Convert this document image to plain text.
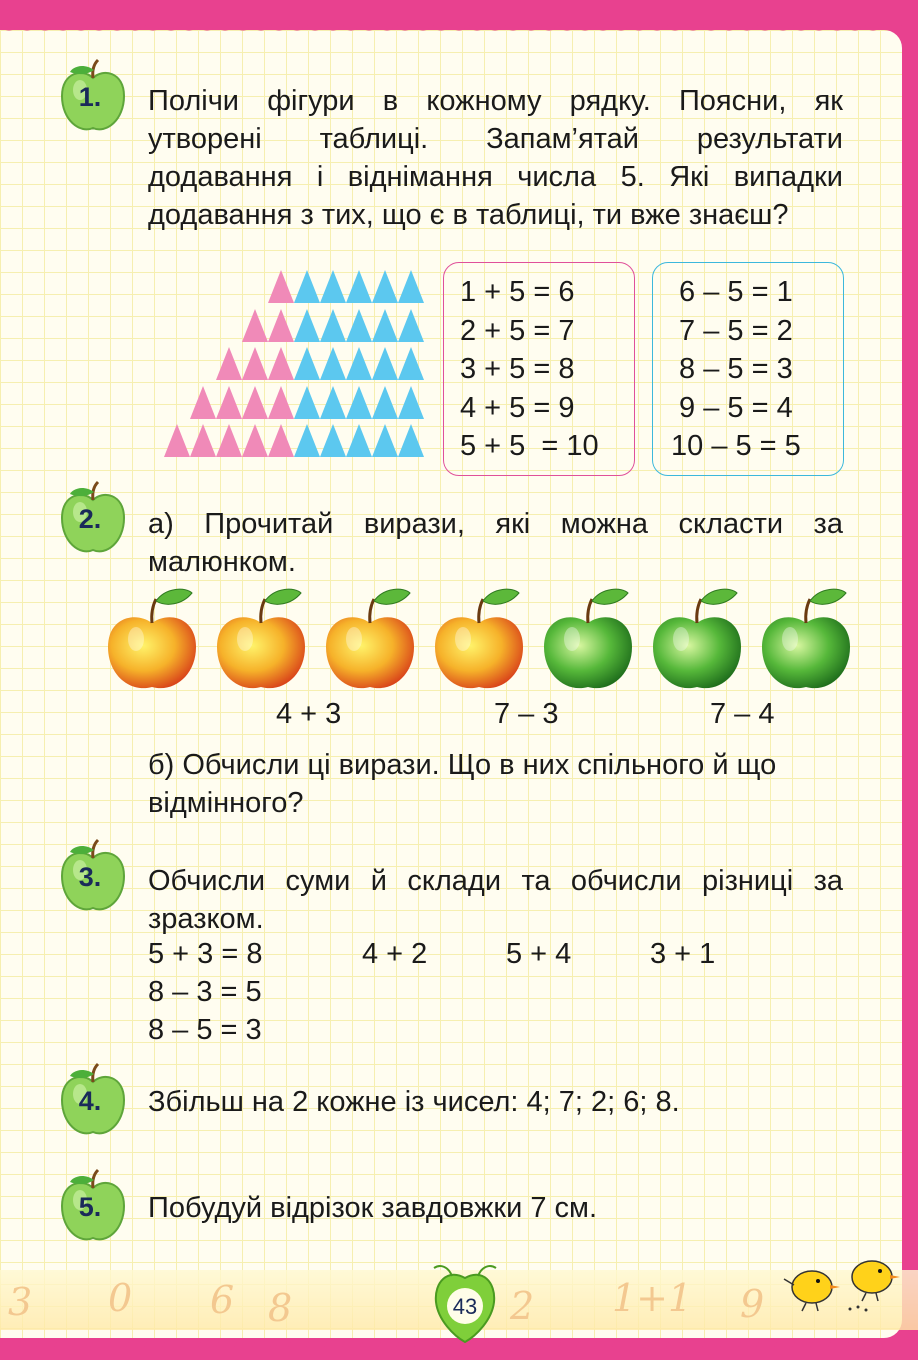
3 0 6 8	2 1+1 9
1.	Полічи фігури в кожному рядку. Поясни, як утворені таблиці. Запам’ятай результати додавання і віднімання числа 5. Які випадки додавання з тих, що є в таблиці, ти вже знаєш?
1 + 5 = 6
2 + 5 = 7
3 + 5 = 8
4 + 5 = 9
5 + 5  = 10
6 – 5 = 1
7 – 5 = 2
8 – 5 = 3
9 – 5 = 4
10 – 5 = 5
2.	а) Прочитай вирази, які можна скласти за малюнком.
4 + 3	7 – 3	7 – 4
б) Обчисли ці вирази. Що в них спільного й що відмінного?
3.	Обчисли суми й склади та обчисли різниці за зразком.
5 + 3 = 8
8 – 3 = 5
8 – 5 = 3
4 + 2	5 + 4	3 + 1
4.	Збільш на 2 кожне із чисел: 4; 7; 2; 6; 8.
5.	Побудуй відрізок завдовжки 7 см.
43
